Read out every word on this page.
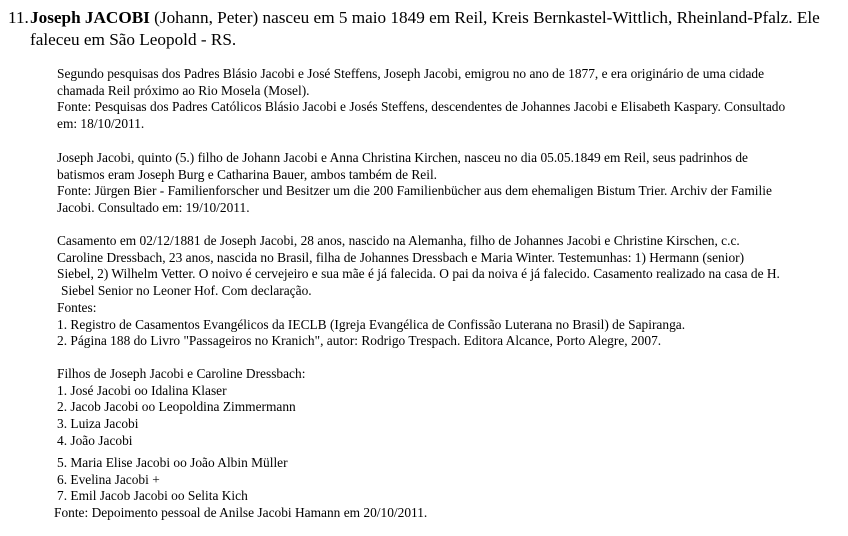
11.Joseph JACOBI (Johann, Peter) nasceu em 5 maio 1849 em Reil, Kreis Bernkastel-Wittlich, Rheinland-Pfalz. Ele
faleceu em São Leopold - RS.

Segundo pesquisas dos Padres Blásio Jacobi e José Steffens, Joseph Jacobi, emigrou no ano de 1877, e era originário de uma cidade

chamada Reil próximo ao Rio Mosela (Mosel).

Fonte: Pesquisas dos Padres Católicos Blásio Jacobi e Josés Steffens, descendentes de Johannes Jacobi e Elisabeth Kaspary. Consultado

em: 18/10/2011.

Joseph Jacobi, quinto (5.) filho de Johann Jacobi e Anna Christina Kirchen, nasceu no dia 05.05.1849 em Reil, seus padrinhos de

batismos eram Joseph Burg e Catharina Bauer, ambos também de Reil.

Fonte: Jürgen Bier - Familienforscher und Besitzer um die 200 Familienbücher aus dem ehemaligen Bistum Trier. Archiv der Familie

Jacobi. Consultado em: 19/10/2011.

Casamento em 02/12/1881 de Joseph Jacobi, 28 anos, nascido na Alemanha, filho de Johannes Jacobi e Christine Kirschen, c.c.

Caroline Dressbach, 23 anos, nascida no Brasil, filha de Johannes Dressbach e Maria Winter. Testemunhas: 1) Hermann (senior)

Siebel, 2) Wilhelm Vetter. O noivo é cervejeiro e sua mãe é já falecida. O pai da noiva é já falecido. Casamento realizado na casa de H.

Siebel Senior no Leoner Hof. Com declaração.

Fontes:

1. Registro de Casamentos Evangélicos da IECLB (Igreja Evangélica de Confissão Luterana no Brasil) de Sapiranga.

2. Página 188 do Livro "Passageiros no Kranich", autor: Rodrigo Trespach. Editora Alcance, Porto Alegre, 2007.

Filhos de Joseph Jacobi e Caroline Dressbach:

1. José Jacobi oo Idalina Klaser

2. Jacob Jacobi oo Leopoldina Zimmermann

3. Luiza Jacobi

4. João Jacobi

5. Maria Elise Jacobi oo João Albin Müller

6. Evelina Jacobi +

7. Emil Jacob Jacobi oo Selita Kich

Fonte: Depoimento pessoal de Anilse Jacobi Hamann em 20/10/2011.
